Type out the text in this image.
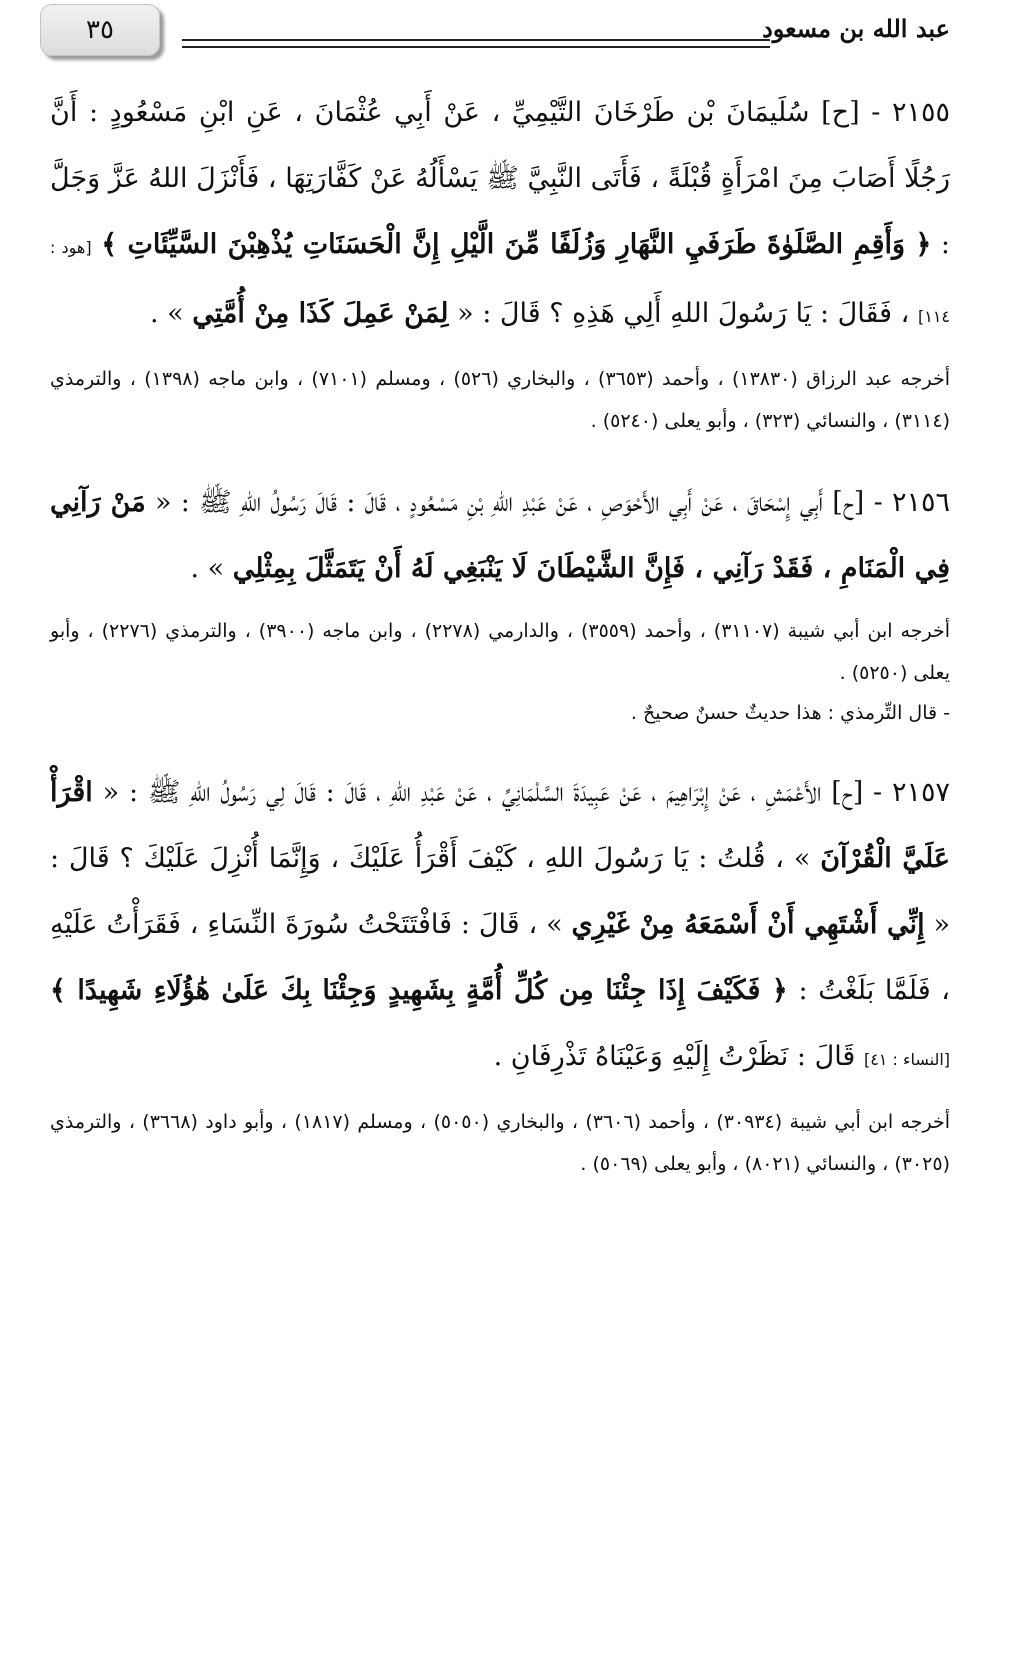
٣٥	عبد الله بن مسعود
٢١٥٥ - [ح] سُلَيمَانَ بْن طَرْخَانَ التَّيْمِيِّ ، عَنْ أَبِي عُثْمَانَ ، عَنِ ابْنِ مَسْعُودٍ : أَنَّ رَجُلًا أَصَابَ مِنَ امْرَأَةٍ قُبْلَةً ، فَأَتَى النَّبِيَّ ﷺ يَسْأَلُهُ عَنْ كَفَّارَتِهَا ، فَأَنْزَلَ اللهُ عَزَّ وَجَلَّ : ﴿ وَأَقِمِ الصَّلَوٰةَ طَرَفَيِ النَّهَارِ وَزُلَفًا مِّنَ الَّيْلِ إِنَّ الْحَسَنَاتِ يُذْهِبْنَ السَّيِّئَاتِ ﴾ [هود : ١١٤] ، فَقَالَ : يَا رَسُولَ اللهِ أَلِي هَذِهِ ؟ قَالَ : « لِمَنْ عَمِلَ كَذَا مِنْ أُمَّتِي » .
أخرجه عبد الرزاق (١٣٨٣٠) ، وأحمد (٣٦٥٣) ، والبخاري (٥٢٦) ، ومسلم (٧١٠١) ، وابن ماجه (١٣٩٨) ، والترمذي (٣١١٤) ، والنسائي (٣٢٣) ، وأبو يعلى (٥٢٤٠) .
٢١٥٦ - [ح] أَبِي إِسْحَاقَ ، عَنْ أَبِي الأَحْوَصِ ، عَنْ عَبْدِ اللهِ بْنِ مَسْعُودٍ ، قَالَ : قَالَ رَسُولُ اللهِ ﷺ : « مَنْ رَآنِي فِي الْمَنَامِ ، فَقَدْ رَآنِي ، فَإِنَّ الشَّيْطَانَ لَا يَنْبَغِي لَهُ أَنْ يَتَمَثَّلَ بِمِثْلِي » .
أخرجه ابن أبي شيبة (٣١١٠٧) ، وأحمد (٣٥٥٩) ، والدارمي (٢٢٧٨) ، وابن ماجه (٣٩٠٠) ، والترمذي (٢٢٧٦) ، وأبو يعلى (٥٢٥٠) .
- قال التِّرمذي : هذا حديثٌ حسنٌ صحيحٌ .
٢١٥٧ - [ح] الأَعْمَشِ ، عَنْ إِبْرَاهِيمَ ، عَنْ عَبِيدَةَ السَّلْمَانِيِّ ، عَنْ عَبْدِ اللهِ ، قَالَ : قَالَ لِي رَسُولُ اللهِ ﷺ : « اقْرَأْ عَلَيَّ الْقُرْآنَ » ، قُلتُ : يَا رَسُولَ اللهِ ، كَيْفَ أَقْرَأُ عَلَيْكَ ، وَإِنَّمَا أُنْزِلَ عَلَيْكَ ؟ قَالَ : « إِنِّي أَشْتَهِي أَنْ أَسْمَعَهُ مِنْ غَيْرِي » ، قَالَ : فَافْتَتَحْتُ سُورَةَ النِّسَاءِ ، فَقَرَأْتُ عَلَيْهِ ، فَلَمَّا بَلَغْتُ : ﴿ فَكَيْفَ إِذَا جِئْنَا مِن كُلِّ أُمَّةٍ بِشَهِيدٍ وَجِئْنَا بِكَ عَلَىٰ هَٰؤُلَاءِ شَهِيدًا ﴾ [النساء : ٤١] قَالَ : نَظَرْتُ إِلَيْهِ وَعَيْنَاهُ تَذْرِفَانِ .
أخرجه ابن أبي شيبة (٣٠٩٣٤) ، وأحمد (٣٦٠٦) ، والبخاري (٥٠٥٠) ، ومسلم (١٨١٧) ، وأبو داود (٣٦٦٨) ، والترمذي (٣٠٢٥) ، والنسائي (٨٠٢١) ، وأبو يعلى (٥٠٦٩) .
